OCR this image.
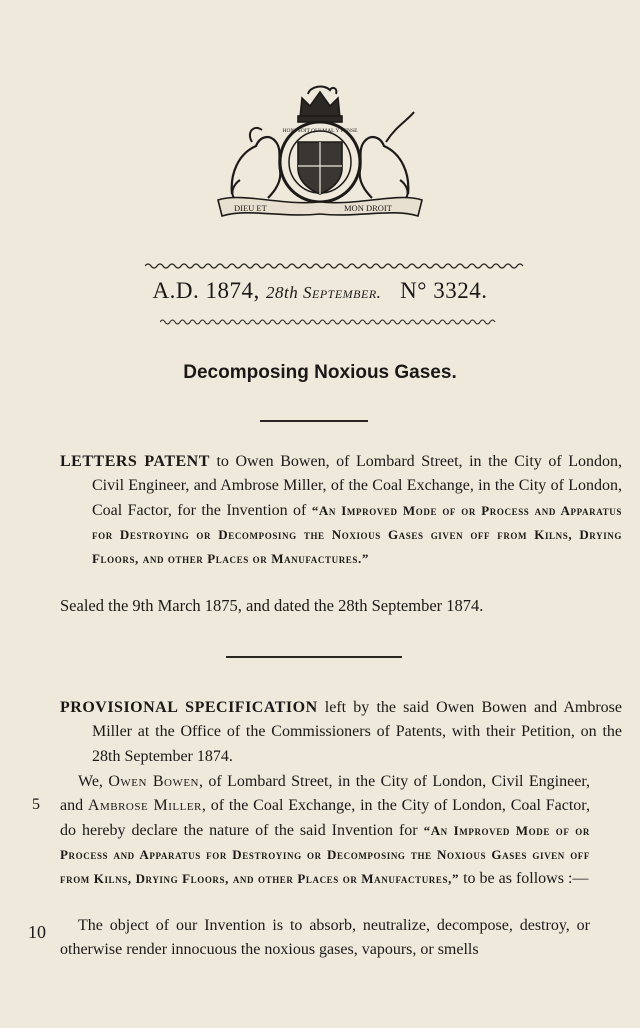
DIEU ET	MON DROIT
HONI SOIT QUI MAL Y PENSE
A.D. 1874, 28th September. N° 3324.
Decomposing Noxious Gases.
LETTERS PATENT to Owen Bowen, of Lombard Street, in the City of London, Civil Engineer, and Ambrose Miller, of the Coal Exchange, in the City of London, Coal Factor, for the Invention of “An Improved Mode of or Process and Apparatus for Destroying or Decomposing the Noxious Gases given off from Kilns, Drying Floors, and other Places or Manufactures.”
Sealed the 9th March 1875, and dated the 28th September 1874.
PROVISIONAL SPECIFICATION left by the said Owen Bowen and Ambrose Miller at the Office of the Commissioners of Patents, with their Petition, on the 28th September 1874.
We, Owen Bowen, of Lombard Street, in the City of London, Civil Engineer, and Ambrose Miller, of the Coal Exchange, in the City of London, Coal Factor, do hereby declare the nature of the said Invention for “An Improved Mode of or Process and Apparatus for Destroying or Decomposing the Noxious Gases given off from Kilns, Drying Floors, and other Places or Manufactures,” to be as follows :—
The object of our Invention is to absorb, neutralize, decompose, destroy, or otherwise render innocuous the noxious gases, vapours, or smells
5
10
